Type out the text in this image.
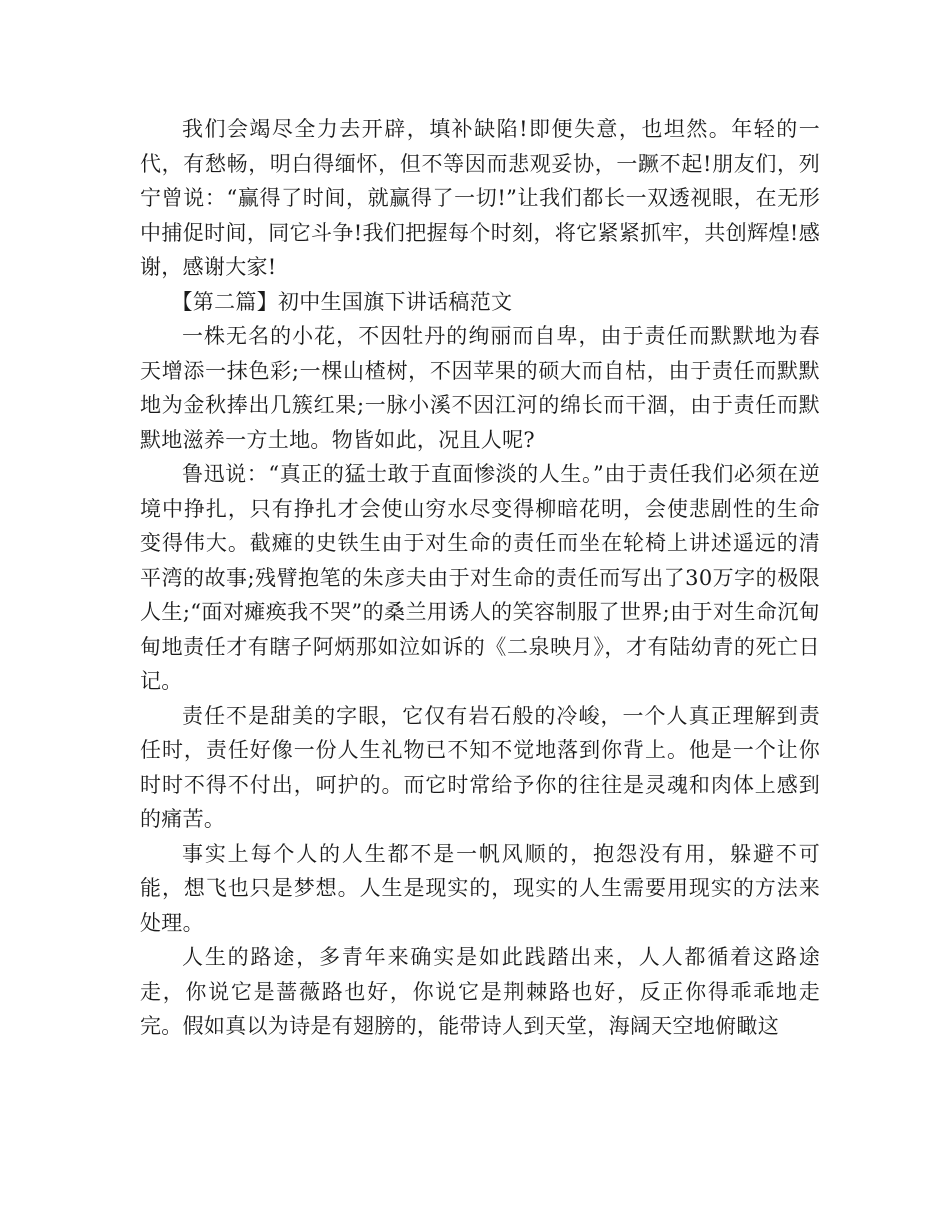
我们会竭尽全力去开辟，填补缺陷!即便失意，也坦然。年轻的一代，有愁畅，明白得缅怀，但不等因而悲观妥协，一蹶不起!朋友们，列宁曾说：“赢得了时间，就赢得了一切!”让我们都长一双透视眼，在无形中捕促时间，同它斗争!我们把握每个时刻，将它紧紧抓牢，共创辉煌!感谢，感谢大家!

【第二篇】初中生国旗下讲话稿范文

一株无名的小花，不因牡丹的绚丽而自卑，由于责任而默默地为春天增添一抹色彩;一棵山楂树，不因苹果的硕大而自枯，由于责任而默默地为金秋捧出几簇红果;一脉小溪不因江河的绵长而干涸，由于责任而默默地滋养一方土地。物皆如此，况且人呢?

鲁迅说：“真正的猛士敢于直面惨淡的人生。”由于责任我们必须在逆境中挣扎，只有挣扎才会使山穷水尽变得柳暗花明，会使悲剧性的生命变得伟大。截瘫的史铁生由于对生命的责任而坐在轮椅上讲述遥远的清平湾的故事;残臂抱笔的朱彦夫由于对生命的责任而写出了30万字的极限人生;“面对瘫痪我不哭”的桑兰用诱人的笑容制服了世界;由于对生命沉甸甸地责任才有瞎子阿炳那如泣如诉的《二泉映月》，才有陆幼青的死亡日记。

责任不是甜美的字眼，它仅有岩石般的冷峻，一个人真正理解到责任时，责任好像一份人生礼物已不知不觉地落到你背上。他是一个让你时时不得不付出，呵护的。而它时常给予你的往往是灵魂和肉体上感到的痛苦。

事实上每个人的人生都不是一帆风顺的，抱怨没有用，躲避不可能，想飞也只是梦想。人生是现实的，现实的人生需要用现实的方法来处理。

人生的路途，多青年来确实是如此践踏出来，人人都循着这路途走，你说它是蔷薇路也好，你说它是荆棘路也好，反正你得乖乖地走完。假如真以为诗是有翅膀的，能带诗人到天堂，海阔天空地俯瞰这
